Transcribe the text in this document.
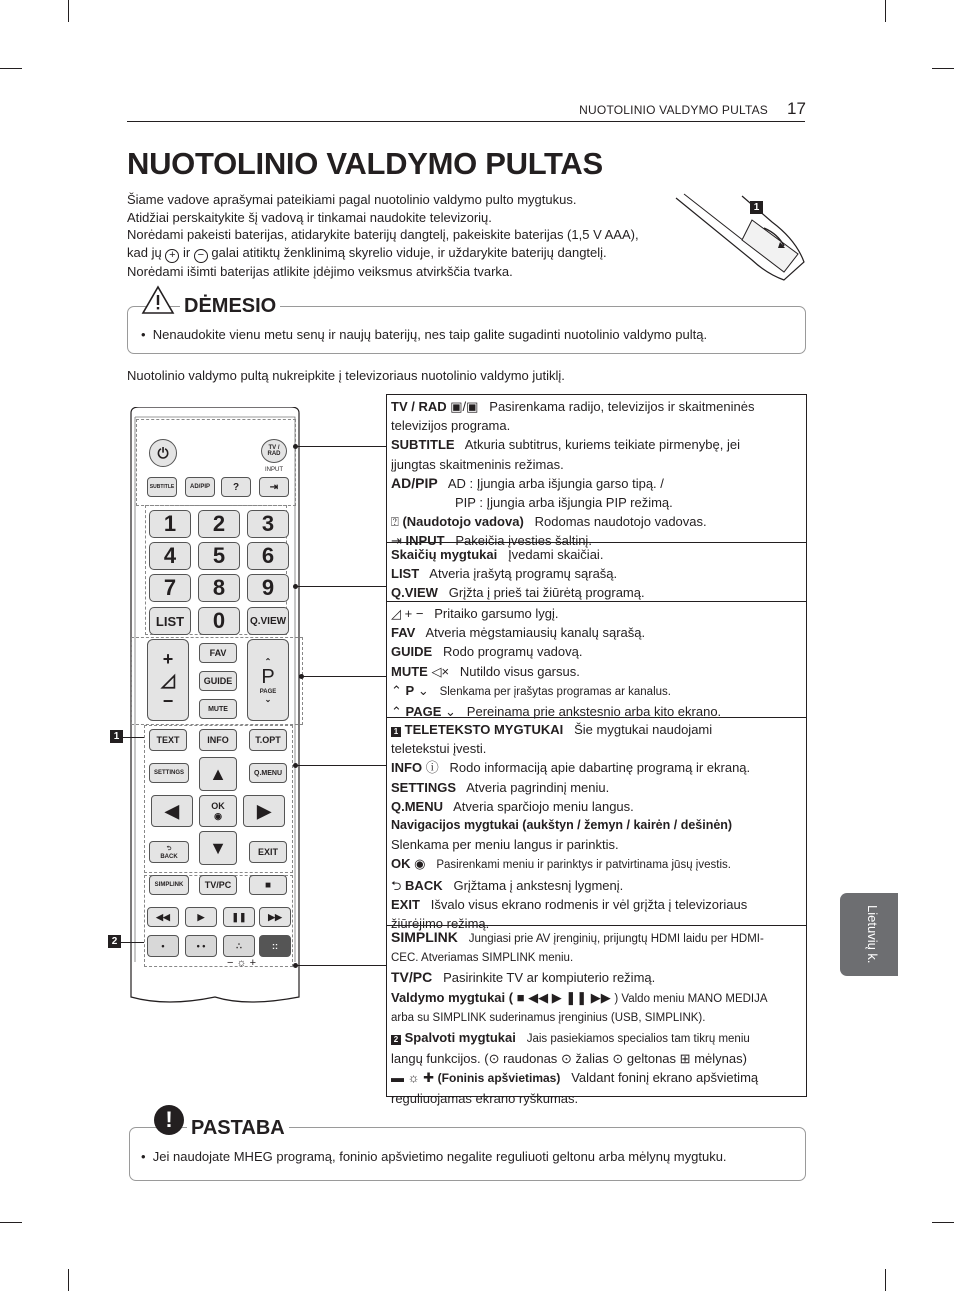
NUOTOLINIO VALDYMO PULTAS 17
NUOTOLINIO VALDYMO PULTAS

Šiame vadove aprašymai pateikiami pagal nuotolinio valdymo pulto mygtukus.

Atidžiai perskaitykite šį vadovą ir tinkamai naudokite televizorių.

Norėdami pakeisti baterijas, atidarykite baterijų dangtelį, pakeiskite baterijas (1,5 V AAA),

kad jų + ir − galai atitiktų ženklinimą skyrelio viduje, ir uždarykite baterijų dangtelį.

Norėdami išimti baterijas atlikite įdėjimo veiksmus atvirkščia tvarka.

1
DĖMESIO
•  Nenaudokite vienu metu senų ir naujų baterijų, nes taip galite sugadinti nuotolinio valdymo pultą.
Nuotolinio valdymo pultą nukreipkite į televizoriaus nuotolinio valdymo jutiklį.
⏻	TV / RAD
INPUT
SUBTITLE	AD/PIP	?	⇥
1	2	3
4	5	6
7	8	9
LIST	0	Q.VIEW
+
◿
−
FAV
GUIDE
MUTE
⌃
P
PAGE
⌄
TEXT	INFO	T.OPT
SETTINGS	Q.MENU
▲
◀	OK
◉	▶
⮌
BACK	▼	EXIT
SIMPLINK	TV/PC	■
◀◀	▶	❚❚	▶▶
•	• •	∴	::
− ☼ +
1
2
TV / RAD ▣/▣ Pasirenkama radijo, televizijos ir skaitmeninės
televizijos programa.
SUBTITLE Atkuria subtitrus, kuriems teikiate pirmenybę, jei
įjungtas skaitmeninis režimas.
AD/PIP AD : Įjungia arba išjungia garso tipą. /
PIP : Įjungia arba išjungia PIP režimą.
⍰ (Naudotojo vadova) Rodomas naudotojo vadovas.
⇥ INPUT Pakeičia įvesties šaltinį.
Skaičių mygtukai Įvedami skaičiai.
LIST Atveria įrašytą programų sąrašą.
Q.VIEW Grįžta į prieš tai žiūrėtą programą.
◿ + − Pritaiko garsumo lygį.
FAV Atveria mėgstamiausių kanalų sąrašą.
GUIDE Rodo programų vadovą.
MUTE ◁× Nutildo visus garsus.
⌃ P ⌄ Slenkama per įrašytas programas ar kanalus.
⌃ PAGE ⌄ Pereinama prie ankstesnio arba kito ekrano.
1 TELETEKSTO MYGTUKAI Šie mygtukai naudojami
teletekstui įvesti.
INFO ⓘ Rodo informaciją apie dabartinę programą ir ekraną.
SETTINGS Atveria pagrindinį meniu.
Q.MENU Atveria sparčiojo meniu langus.
Navigacijos mygtukai (aukštyn / žemyn / kairėn / dešinėn)
Slenkama per meniu langus ir parinktis.
OK ◉ Pasirenkami meniu ir parinktys ir patvirtinama jūsų įvestis.
⮌ BACK Grįžtama į ankstesnį lygmenį.
EXIT Išvalo visus ekrano rodmenis ir vėl grįžta į televizoriaus
žiūrėjimo režimą.
SIMPLINK Jungiasi prie AV įrenginių, prijungtų HDMI laidu per HDMI-
CEC. Atveriamas SIMPLINK meniu.
TV/PC Pasirinkite TV ar kompiuterio režimą.
Valdymo mygtukai ( ■ ◀◀ ▶ ❚❚ ▶▶ ) Valdo meniu MANO MEDIJA
arba su SIMPLINK suderinamus įrenginius (USB, SIMPLINK).
2 Spalvoti mygtukai Jais pasiekiamos specialios tam tikrų meniu
langų funkcijos. (⊙ raudonas ⊙ žalias ⊙ geltonas ⊞ mėlynas)
▬ ☼ ✚ (Foninis apšvietimas) Valdant foninį ekrano apšvietimą
reguliuojamas ekrano ryškumas.
Lietuvių k.
! PASTABA
•  Jei naudojate MHEG programą, foninio apšvietimo negalite reguliuoti geltonu arba mėlynų mygtuku.
